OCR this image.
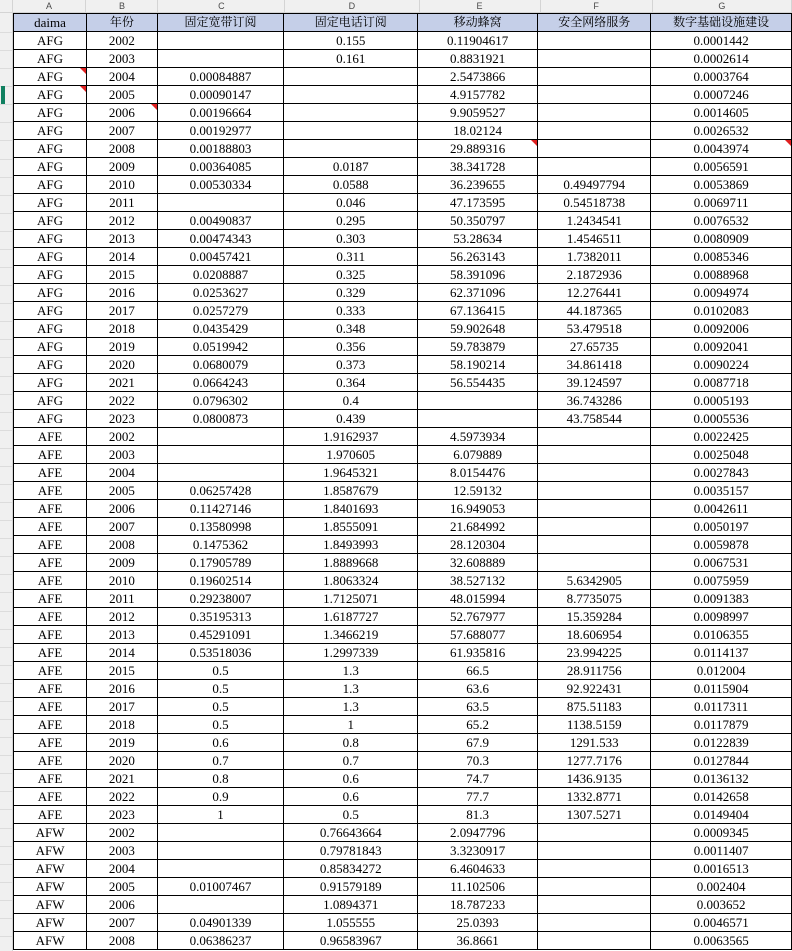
A	B	C	D	E	F	G
daima	年份	固定宽带订阅	固定电话订阅	移动蜂窝	安全网络服务	数字基础设施建设
AFG	2002		0.155	0.11904617		0.0001442
AFG	2003		0.161	0.8831921		0.0002614
AFG	2004	0.00084887		2.5473866		0.0003764
AFG	2005	0.00090147		4.9157782		0.0007246
AFG	2006	0.00196664		9.9059527		0.0014605
AFG	2007	0.00192977		18.02124		0.0026532
AFG	2008	0.00188803		29.889316		0.0043974
AFG	2009	0.00364085	0.0187	38.341728		0.0056591
AFG	2010	0.00530334	0.0588	36.239655	0.49497794	0.0053869
AFG	2011		0.046	47.173595	0.54518738	0.0069711
AFG	2012	0.00490837	0.295	50.350797	1.2434541	0.0076532
AFG	2013	0.00474343	0.303	53.28634	1.4546511	0.0080909
AFG	2014	0.00457421	0.311	56.263143	1.7382011	0.0085346
AFG	2015	0.0208887	0.325	58.391096	2.1872936	0.0088968
AFG	2016	0.0253627	0.329	62.371096	12.276441	0.0094974
AFG	2017	0.0257279	0.333	67.136415	44.187365	0.0102083
AFG	2018	0.0435429	0.348	59.902648	53.479518	0.0092006
AFG	2019	0.0519942	0.356	59.783879	27.65735	0.0092041
AFG	2020	0.0680079	0.373	58.190214	34.861418	0.0090224
AFG	2021	0.0664243	0.364	56.554435	39.124597	0.0087718
AFG	2022	0.0796302	0.4		36.743286	0.0005193
AFG	2023	0.0800873	0.439		43.758544	0.0005536
AFE	2002		1.9162937	4.5973934		0.0022425
AFE	2003		1.970605	6.079889		0.0025048
AFE	2004		1.9645321	8.0154476		0.0027843
AFE	2005	0.06257428	1.8587679	12.59132		0.0035157
AFE	2006	0.11427146	1.8401693	16.949053		0.0042611
AFE	2007	0.13580998	1.8555091	21.684992		0.0050197
AFE	2008	0.1475362	1.8493993	28.120304		0.0059878
AFE	2009	0.17905789	1.8889668	32.608889		0.0067531
AFE	2010	0.19602514	1.8063324	38.527132	5.6342905	0.0075959
AFE	2011	0.29238007	1.7125071	48.015994	8.7735075	0.0091383
AFE	2012	0.35195313	1.6187727	52.767977	15.359284	0.0098997
AFE	2013	0.45291091	1.3466219	57.688077	18.606954	0.0106355
AFE	2014	0.53518036	1.2997339	61.935816	23.994225	0.0114137
AFE	2015	0.5	1.3	66.5	28.911756	0.012004
AFE	2016	0.5	1.3	63.6	92.922431	0.0115904
AFE	2017	0.5	1.3	63.5	875.51183	0.0117311
AFE	2018	0.5	1	65.2	1138.5159	0.0117879
AFE	2019	0.6	0.8	67.9	1291.533	0.0122839
AFE	2020	0.7	0.7	70.3	1277.7176	0.0127844
AFE	2021	0.8	0.6	74.7	1436.9135	0.0136132
AFE	2022	0.9	0.6	77.7	1332.8771	0.0142658
AFE	2023	1	0.5	81.3	1307.5271	0.0149404
AFW	2002		0.76643664	2.0947796		0.0009345
AFW	2003		0.79781843	3.3230917		0.0011407
AFW	2004		0.85834272	6.4604633		0.0016513
AFW	2005	0.01007467	0.91579189	11.102506		0.002404
AFW	2006		1.0894371	18.787233		0.003652
AFW	2007	0.04901339	1.055555	25.0393		0.0046571
AFW	2008	0.06386237	0.96583967	36.8661		0.0063565
